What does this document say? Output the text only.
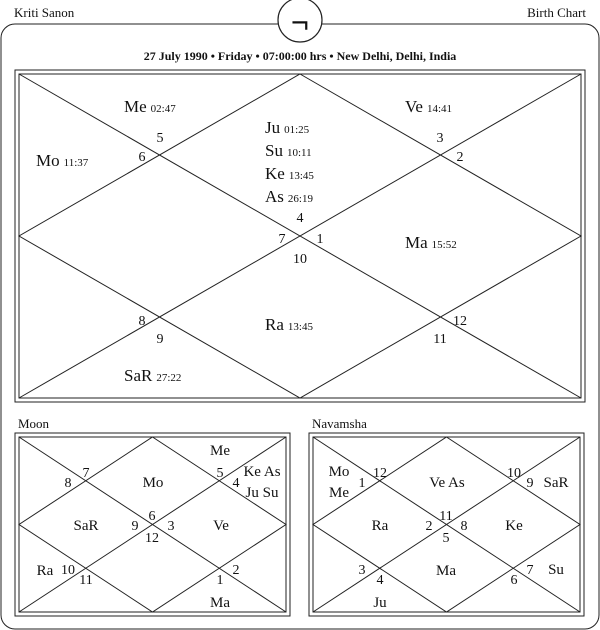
Kriti Sanon	Birth Chart
¬
27 July 1990 • Friday • 07:00:00 hrs • New Delhi, Delhi, India
4
1
7
10
5
6
3
2
8
9
12
11
Ju 01:25
Su 10:11
Ke 13:45
As 26:19
Me 02:47
Mo 11:37
Ve 14:41
Ma 15:52
Ra 13:45
SaR 27:22
Moon
6
5
4
3
2
1
12
11
10
9
8
7
Mo
Me
Ke As
Ju Su
SaR	Ve
Ra
Ma
Navamsha
11
10
9
8
7
6
5
4
3
2
1
12
Ve As
Mo
Me
SaR
Ra	Ke
Ma
Ju
Su
